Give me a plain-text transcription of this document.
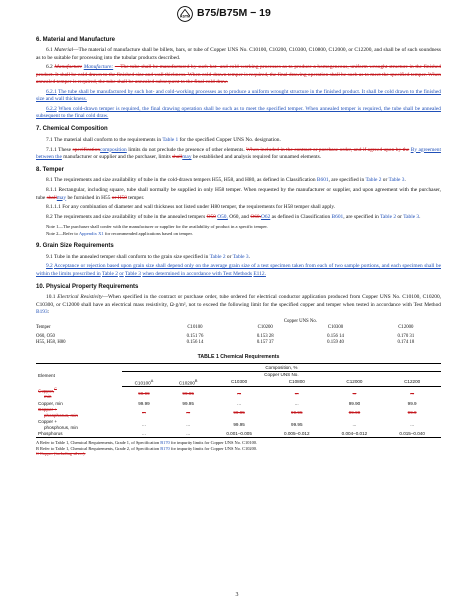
ASTM B75/B75M − 19
6. Material and Manufacture
6.1 Material—The material of manufacture shall be billets, bars, or tube of Copper UNS No. C10100, C10200, C10300, C10800, C12000, or C12200, and shall be of such soundness as to be suitable for processing into the tubular products described.
6.2 Manufacture Manufacture: —The tube shall be manufactured by such hot- and cold-working processes as to produce a homogeneous, uniform wrought structure in the finished product. It shall be cold drawn to the finished size and wall thickness. When cold-drawn temper is required, the final drawing operation shall be such as to meet the specified temper. When annealed temper is required, the tube shall be annealed subsequent to the final cold draw.
6.2.1 The tube shall be manufactured by such hot- and cold-working processes as to produce a uniform wrought structure in the finished product. It shall be cold drawn to the finished size and wall thickness.
6.2.2 When cold-drawn temper is required, the final drawing operation shall be such as to meet the specified temper. When annealed temper is required, the tube shall be annealed subsequent to the final cold draw.
7. Chemical Composition
7.1 The material shall conform to the requirements in Table 1 for the specified Copper UNS No. designation.
7.1.1 These specificationcomposition limits do not preclude the presence of other elements. When included in the contract or purchase order, and if agreed upon by the By agreement between the manufacturer or supplier and the purchaser, limits shallmay be established and analysis required for unnamed elements.
8. Temper
8.1 The requirements and size availability of tube in the cold-drawn tempers H55, H58, and H80, as defined in Classification B601, are specified in Table 2 or Table 3.
8.1.1 Rectangular, including square, tube shall normally be supplied in only H58 temper. When requested by the manufacturer or supplier, and upon agreement with the purchaser, tube shallmay be furnished in H55 or H58 temper.
8.1.1.1 For any combination of diameter and wall thickness not listed under H80 temper, the requirements for H58 temper shall apply.
8.2 The requirements and size availability of tube in the annealed tempers O50 O50, O60, and O60.O62 as defined in Classification B601, are specified in Table 2 or Table 3.
Note 1—The purchaser shall confer with the manufacturer or supplier for the availability of product in a specific temper.
Note 2—Refer to Appendix X1 for recommended applications based on temper.
9. Grain Size Requirements
9.1 Tube in the annealed temper shall conform to the grain size specified in Table 2 or Table 3.
9.2 Acceptance or rejection based upon grain size shall depend only on the average grain size of a test specimen taken from each of two sample portions, and each specimen shall be within the limits prescribed in Table 2 or Table 3 when determined in accordance with Test Methods E112.
10. Physical Property Requirements
10.1 Electrical Resistivity—When specified in the contract or purchase order, tube ordered for electrical conductor application produced from Copper UNS No. C10100, C10200, C10300, or C12000 shall have an electrical mass resistivity, Ω·g/m², not to exceed the following limit for the specified copper and temper when tested in accordance with Test Method B193:
	Copper UNS No.			
Temper	C10100	C10200	C10300	C12000

O60, O50	0.151 76	0.153 28	0.156 14	0.170 31
H55, H58, H80	0.156 14	0.157 37	0.159 40	0.174 18
TABLE 1 Chemical Requirements
Element	Composition, %					
	Copper UNS No.					
	$C10100^A$	$C10200^B$	C10300	C10800	C12000	C12200
Copper,$^C$
min	99.99	99.95	...	...	...	...
Copper, min	99.99	99.95	...	...	99.90	99.9
Copper +
phosphorus, min	...	...	99.95	99.95	99.90	99.9
Copper +
phosphorus, min	...	...	99.95	99.95	...	...
Phosphorus	...	...	0.001–0.005	0.005–0.012	0.004–0.012	0.015–0.040
A Refer to Table 1, Chemical Requirements, Grade 1, of Specification B170 for impurity limits for Copper UNS No. C10100.
B Refer to Table 1, Chemical Requirements, Grade 2, of Specification B170 for impurity limits for Copper UNS No. C10200.
C Copper (including silver).
3
